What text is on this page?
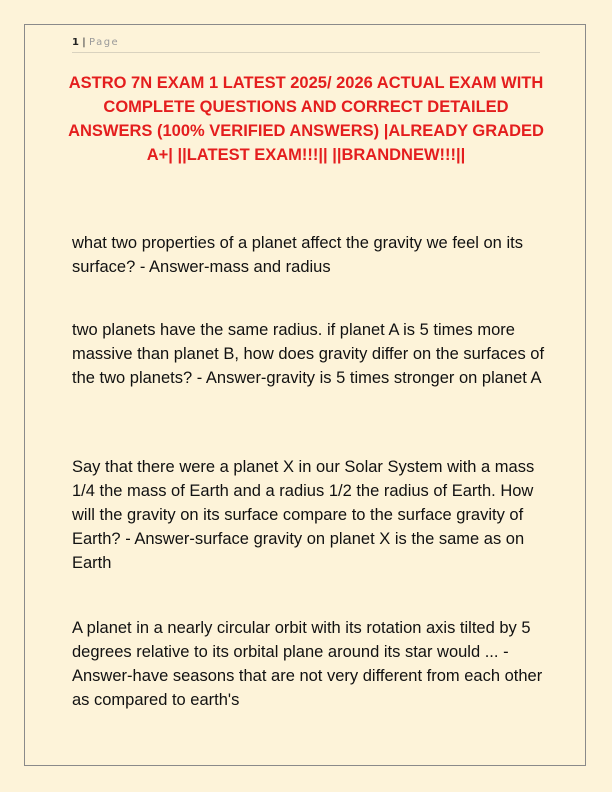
1 | Page
ASTRO 7N EXAM 1 LATEST 2025/ 2026 ACTUAL EXAM WITH COMPLETE QUESTIONS AND CORRECT DETAILED ANSWERS (100% VERIFIED ANSWERS) |ALREADY GRADED A+| ||LATEST EXAM!!!|| ||BRANDNEW!!!||

what two properties of a planet affect the gravity we feel on its surface? - Answer-mass and radius

two planets have the same radius. if planet A is 5 times more massive than planet B, how does gravity differ on the surfaces of the two planets? - Answer-gravity is 5 times stronger on planet A

Say that there were a planet X in our Solar System with a mass 1/4 the mass of Earth and a radius 1/2 the radius of Earth. How will the gravity on its surface compare to the surface gravity of Earth? - Answer-surface gravity on planet X is the same as on Earth

A planet in a nearly circular orbit with its rotation axis tilted by 5 degrees relative to its orbital plane around its star would ... - Answer-have seasons that are not very different from each other as compared to earth's
